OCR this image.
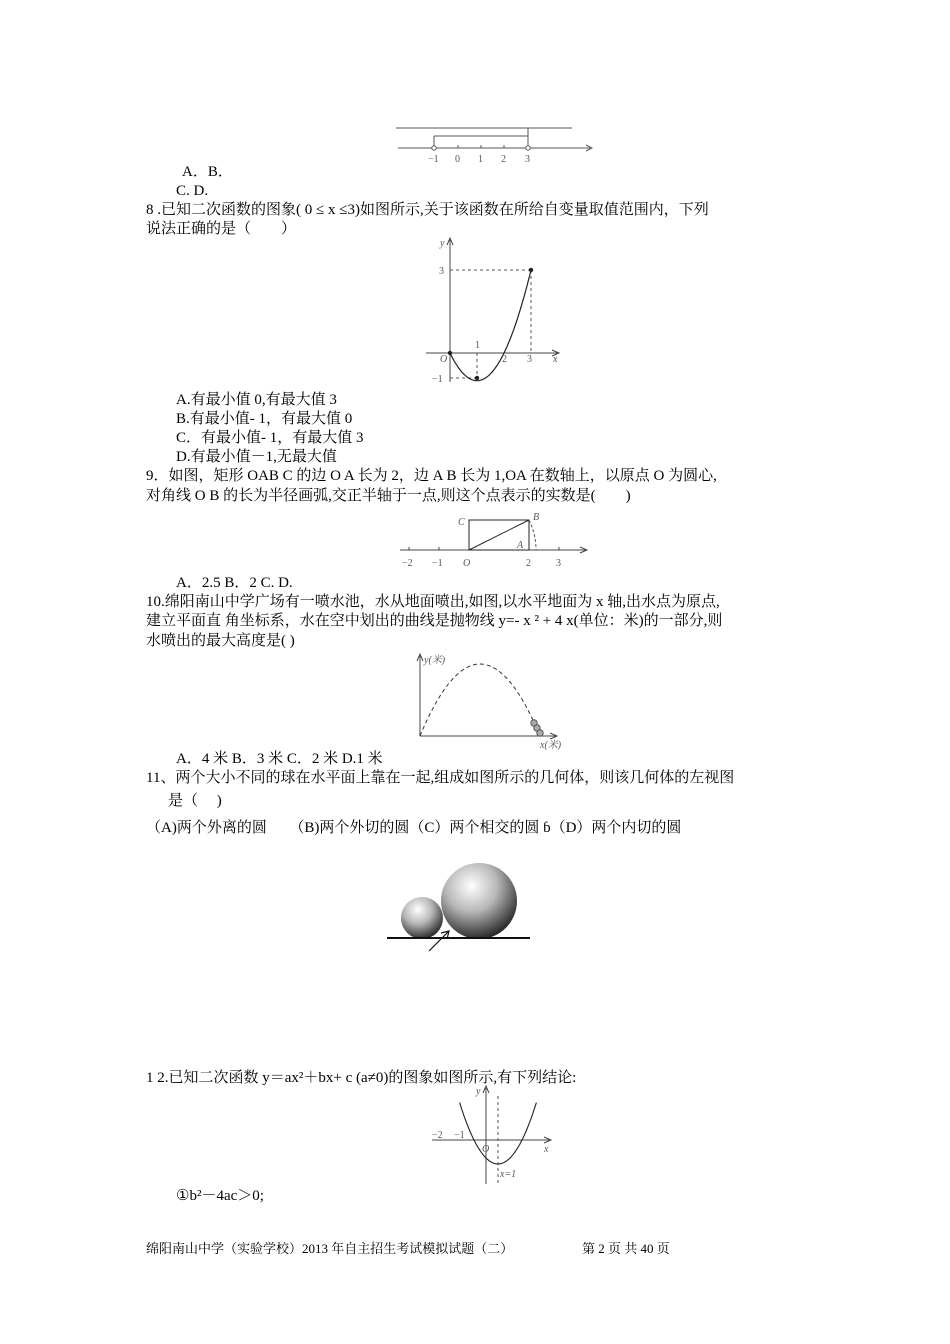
−1 0 1 2 3
A．B．
C. D.
8 .已知二次函数的图象( 0 ≤ x ≤3)如图所示,关于该函数在所给自变量取值范围内，下列
说法正确的是（　　）
y
x
O
1
2 3
3
−1
A.有最小值 0,有最大值 3
B.有最小值- 1，有最大值 0
C．有最小值- 1，有最大值 3
D.有最小值－1,无最大值
9．如图，矩形 OAB C 的边 O A 长为 2，边 A B 长为 1,OA 在数轴上，以原点 O 为圆心,
对角线 O B 的长为半径画弧,交正半轴于一点,则这个点表示的实数是(　　)
C	B
A
O
−2 −1	2	3
A．2.5 B．2 C. D.
10.绵阳南山中学广场有一喷水池，水从地面喷出,如图,以水平地面为 x 轴,出水点为原点,
建立平面直 角坐标系，水在空中划出的曲线是抛物线 y=- x ² + 4 x(单位：米)的一部分,则
水喷出的最大高度是( )
y(米)
x(米)
A．4 米 B．3 米 C．2 米 D.1 米
11、两个大小不同的球在水平面上靠在一起,组成如图所示的几何体，则该几何体的左视图
是（　 )
（A)两个外离的圆　　（B)两个外切的圆（C）两个相交的圆 ɓ（D）两个内切的圆
1 2.已知二次函数 y＝ax²＋bx+ c (a≠0)的图象如图所示,有下列结论:
y
x
O
−2 −1
x=1
①b²－4ac＞0;
绵阳南山中学（实验学校）2013 年自主招生考试模拟试题（二）	第 2 页 共 40 页
